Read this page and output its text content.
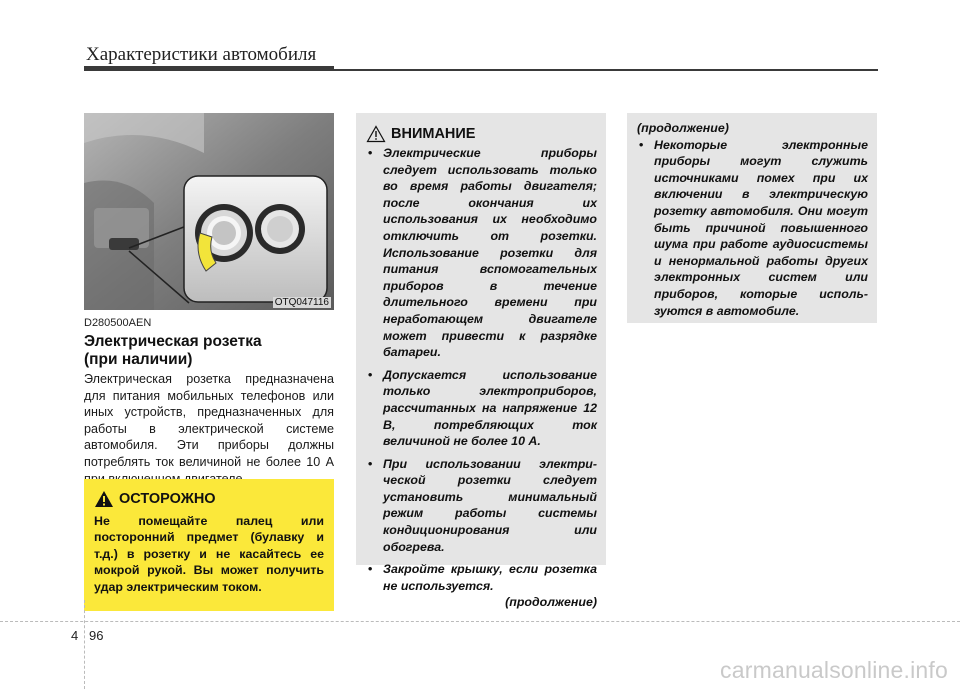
Характеристики автомобиля
OTQ047116
D280500AEN
Электрическая розетка
(при наличии)
Электрическая розетка предназначена для питания мобильных телефонов или иных устройств, предназначенных для работы в электрической системе автомобиля. Эти приборы должны потреблять ток величиной не более 10 А
ОСТОРОЖНО
Не помещайте палец или посторонний предмет (булавку и т.д.) в розетку и не касайтесь ее мокрой рукой. Вы может получить удар электрическим током.
ВНИМАНИЕ
• Электрические приборы следует использовать только во время работы двигателя; после окончания их использования их необходимо отключить от розетки. Использование розетки для питания вспомогательных приборов в течение длительного времени при неработающем двигателе может привести к разрядке батареи.
• Допускается использование только электроприборов, рассчитанных на напряжение 12 В, потребляющих ток величиной не более 10 А.
• При использовании электри-ческой розетки следует установить минимальный режим работы системы кондиционирования или обогрева.
• Закройте крышку, если розетка не используется.
(продолжение)
(продолжение)
• Некоторые электронные приборы могут служить источниками помех при их включении в электрическую розетку автомобиля. Они могут быть причиной повышенного шума при работе аудиосистемы и ненормальной работы других электронных систем или приборов, которые исполь-зуются в автомобиле.
4 96
carmanualsonline.info
